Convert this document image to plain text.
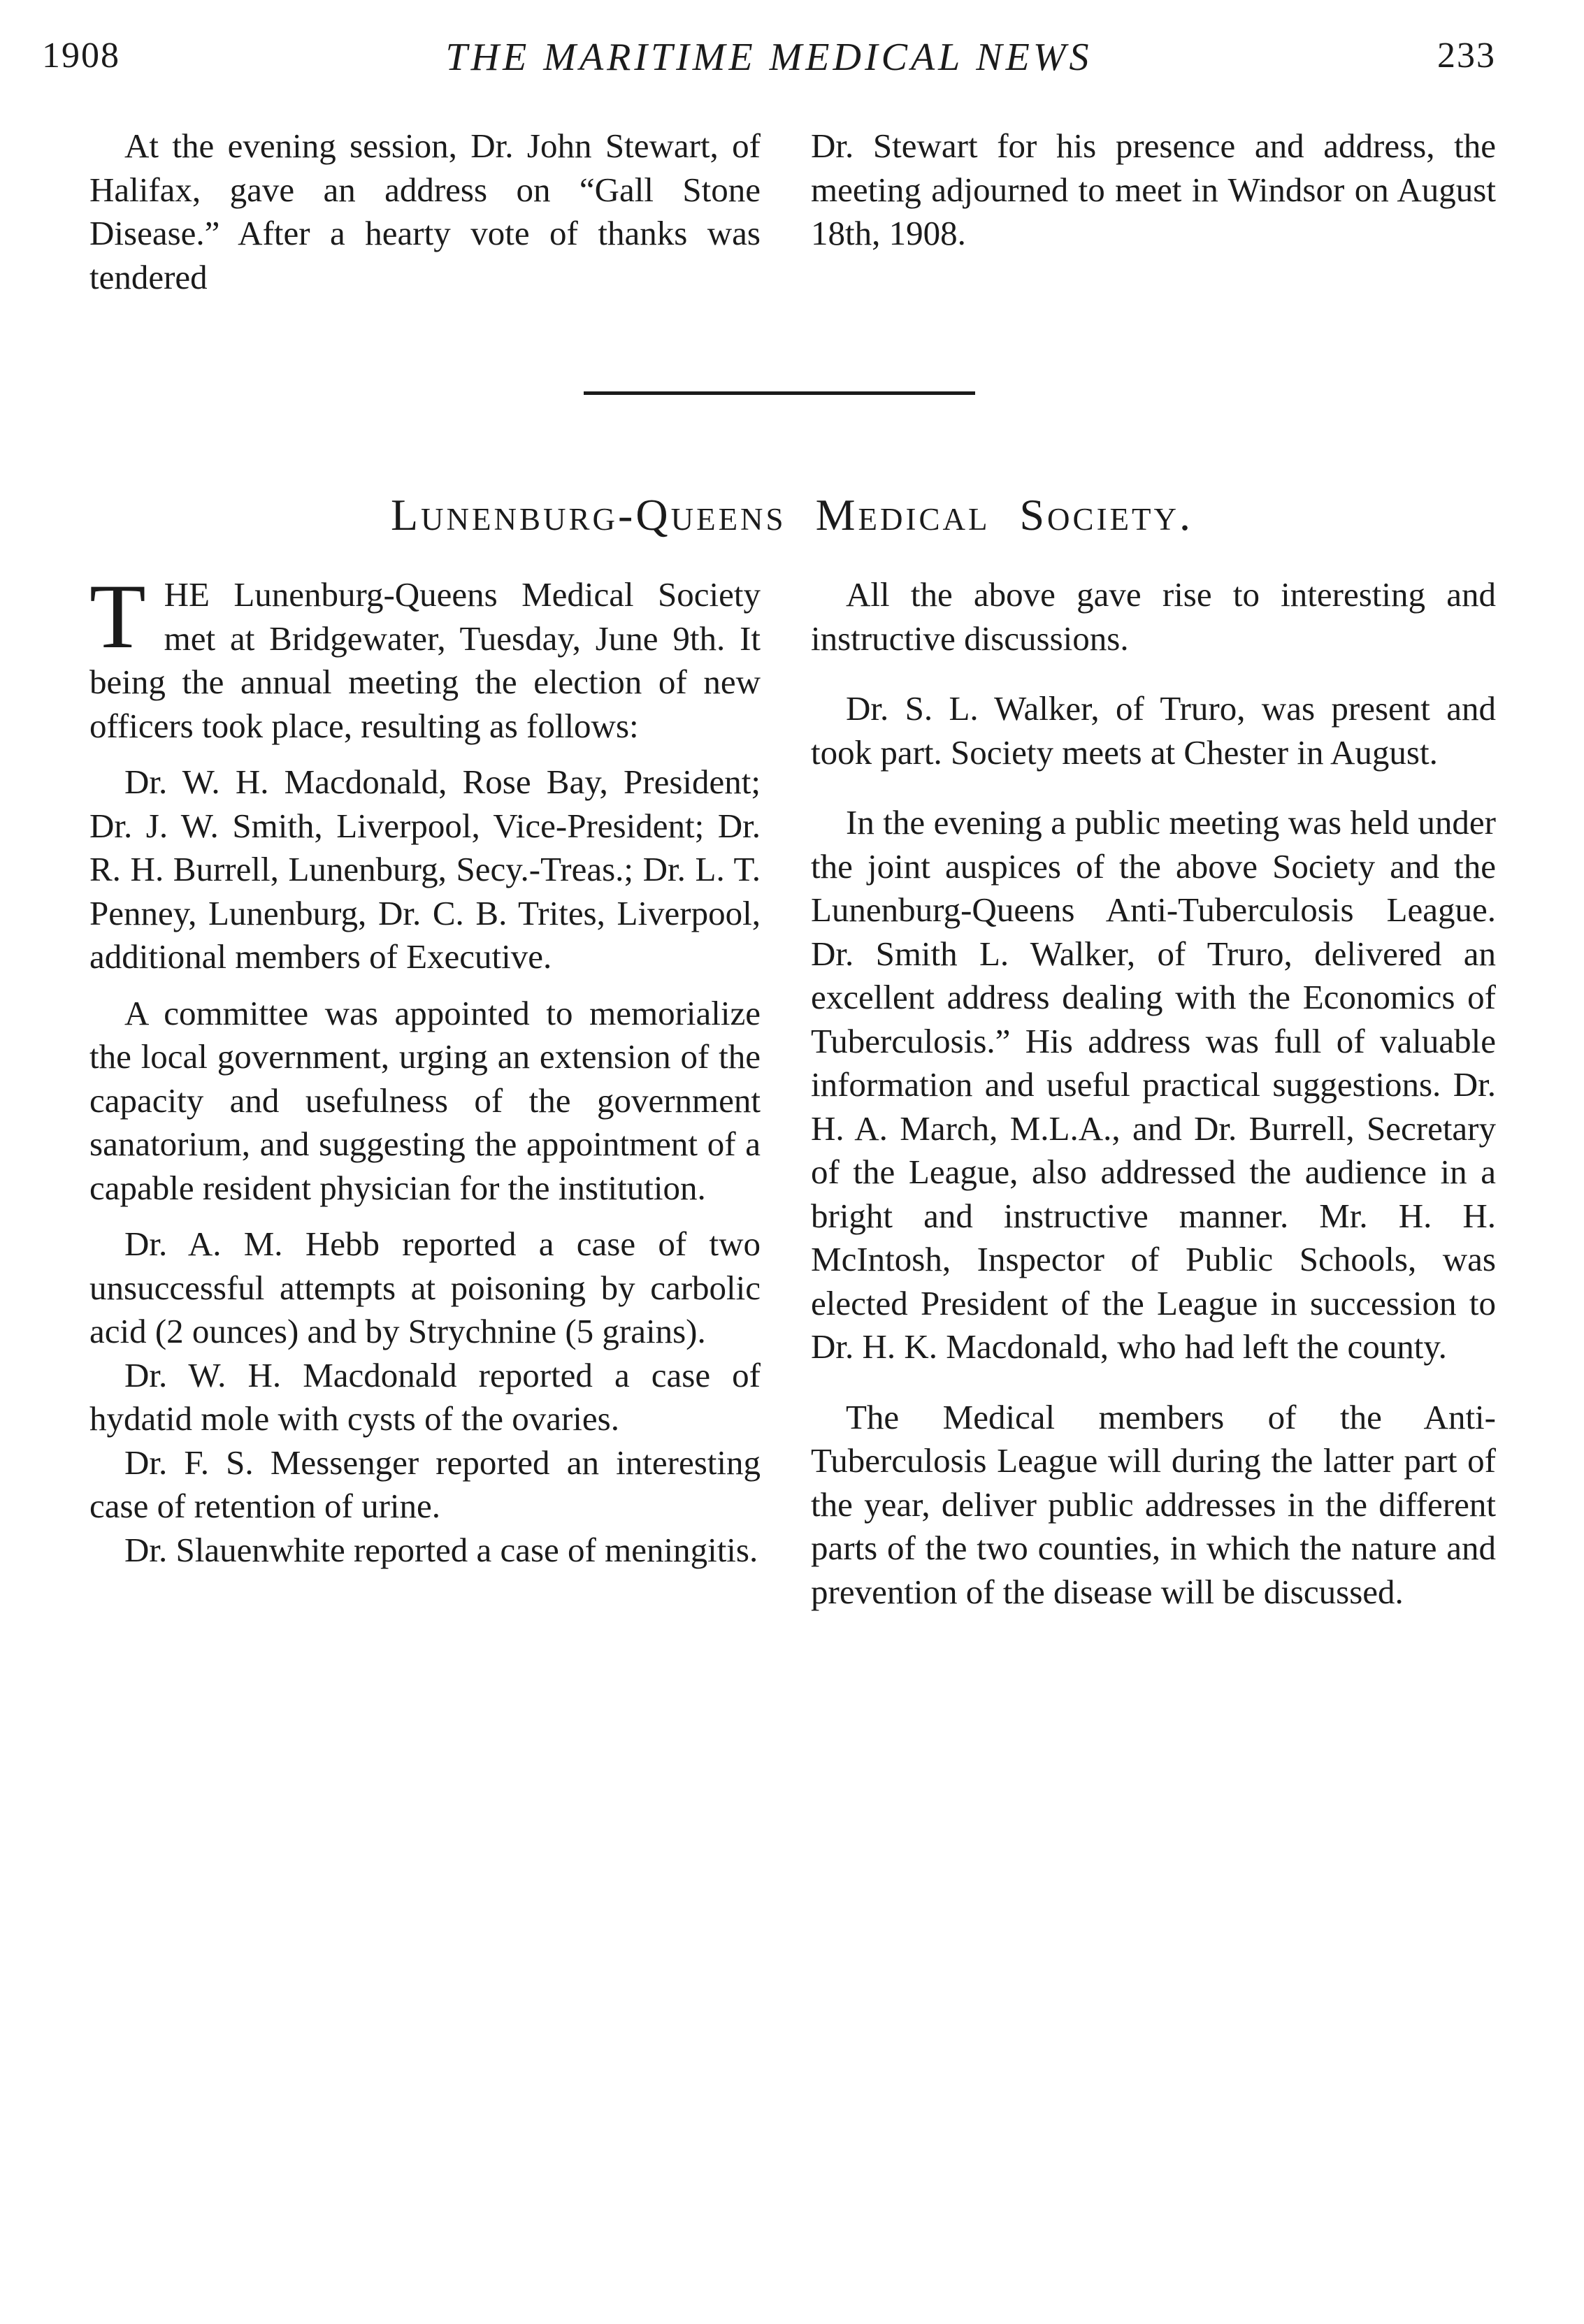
1908	THE MARITIME MEDICAL NEWS	233

At the evening session, Dr. John Stewart, of Halifax, gave an address on “Gall Stone Disease.” After a hearty vote of thanks was tendered

Dr. Stewart for his presence and address, the meeting adjourned to meet in Windsor on August 18th, 1908.

Lunenburg-Queens Medical Society.

THE Lunenburg-Queens Medical Society met at Bridgewater, Tuesday, June 9th. It being the annual meeting the election of new officers took place, resulting as follows:

Dr. W. H. Macdonald, Rose Bay, President; Dr. J. W. Smith, Liverpool, Vice-President; Dr. R. H. Burrell, Lunenburg, Secy.-Treas.; Dr. L. T. Penney, Lunenburg, Dr. C. B. Trites, Liverpool, additional members of Executive.

A committee was appointed to memorialize the local government, urging an extension of the capacity and usefulness of the government sanatorium, and suggesting the appointment of a capable resident physician for the institution.

Dr. A. M. Hebb reported a case of two unsuccessful attempts at poisoning by carbolic acid (2 ounces) and by Strychnine (5 grains).

Dr. W. H. Macdonald reported a case of hydatid mole with cysts of the ovaries.

Dr. F. S. Messenger reported an interesting case of retention of urine.

Dr. Slauenwhite reported a case of meningitis.

All the above gave rise to interesting and instructive discussions.

Dr. S. L. Walker, of Truro, was present and took part. Society meets at Chester in August.

In the evening a public meeting was held under the joint auspices of the above Society and the Lunenburg-Queens Anti-Tuberculosis League. Dr. Smith L. Walker, of Truro, delivered an excellent address dealing with the Economics of Tuberculosis.” His address was full of valuable information and useful practical suggestions. Dr. H. A. March, M.L.A., and Dr. Burrell, Secretary of the League, also addressed the audience in a bright and instructive manner. Mr. H. H. McIntosh, Inspector of Public Schools, was elected President of the League in succession to Dr. H. K. Macdonald, who had left the county.

The Medical members of the Anti-Tuberculosis League will during the latter part of the year, deliver public addresses in the different parts of the two counties, in which the nature and prevention of the disease will be discussed.
